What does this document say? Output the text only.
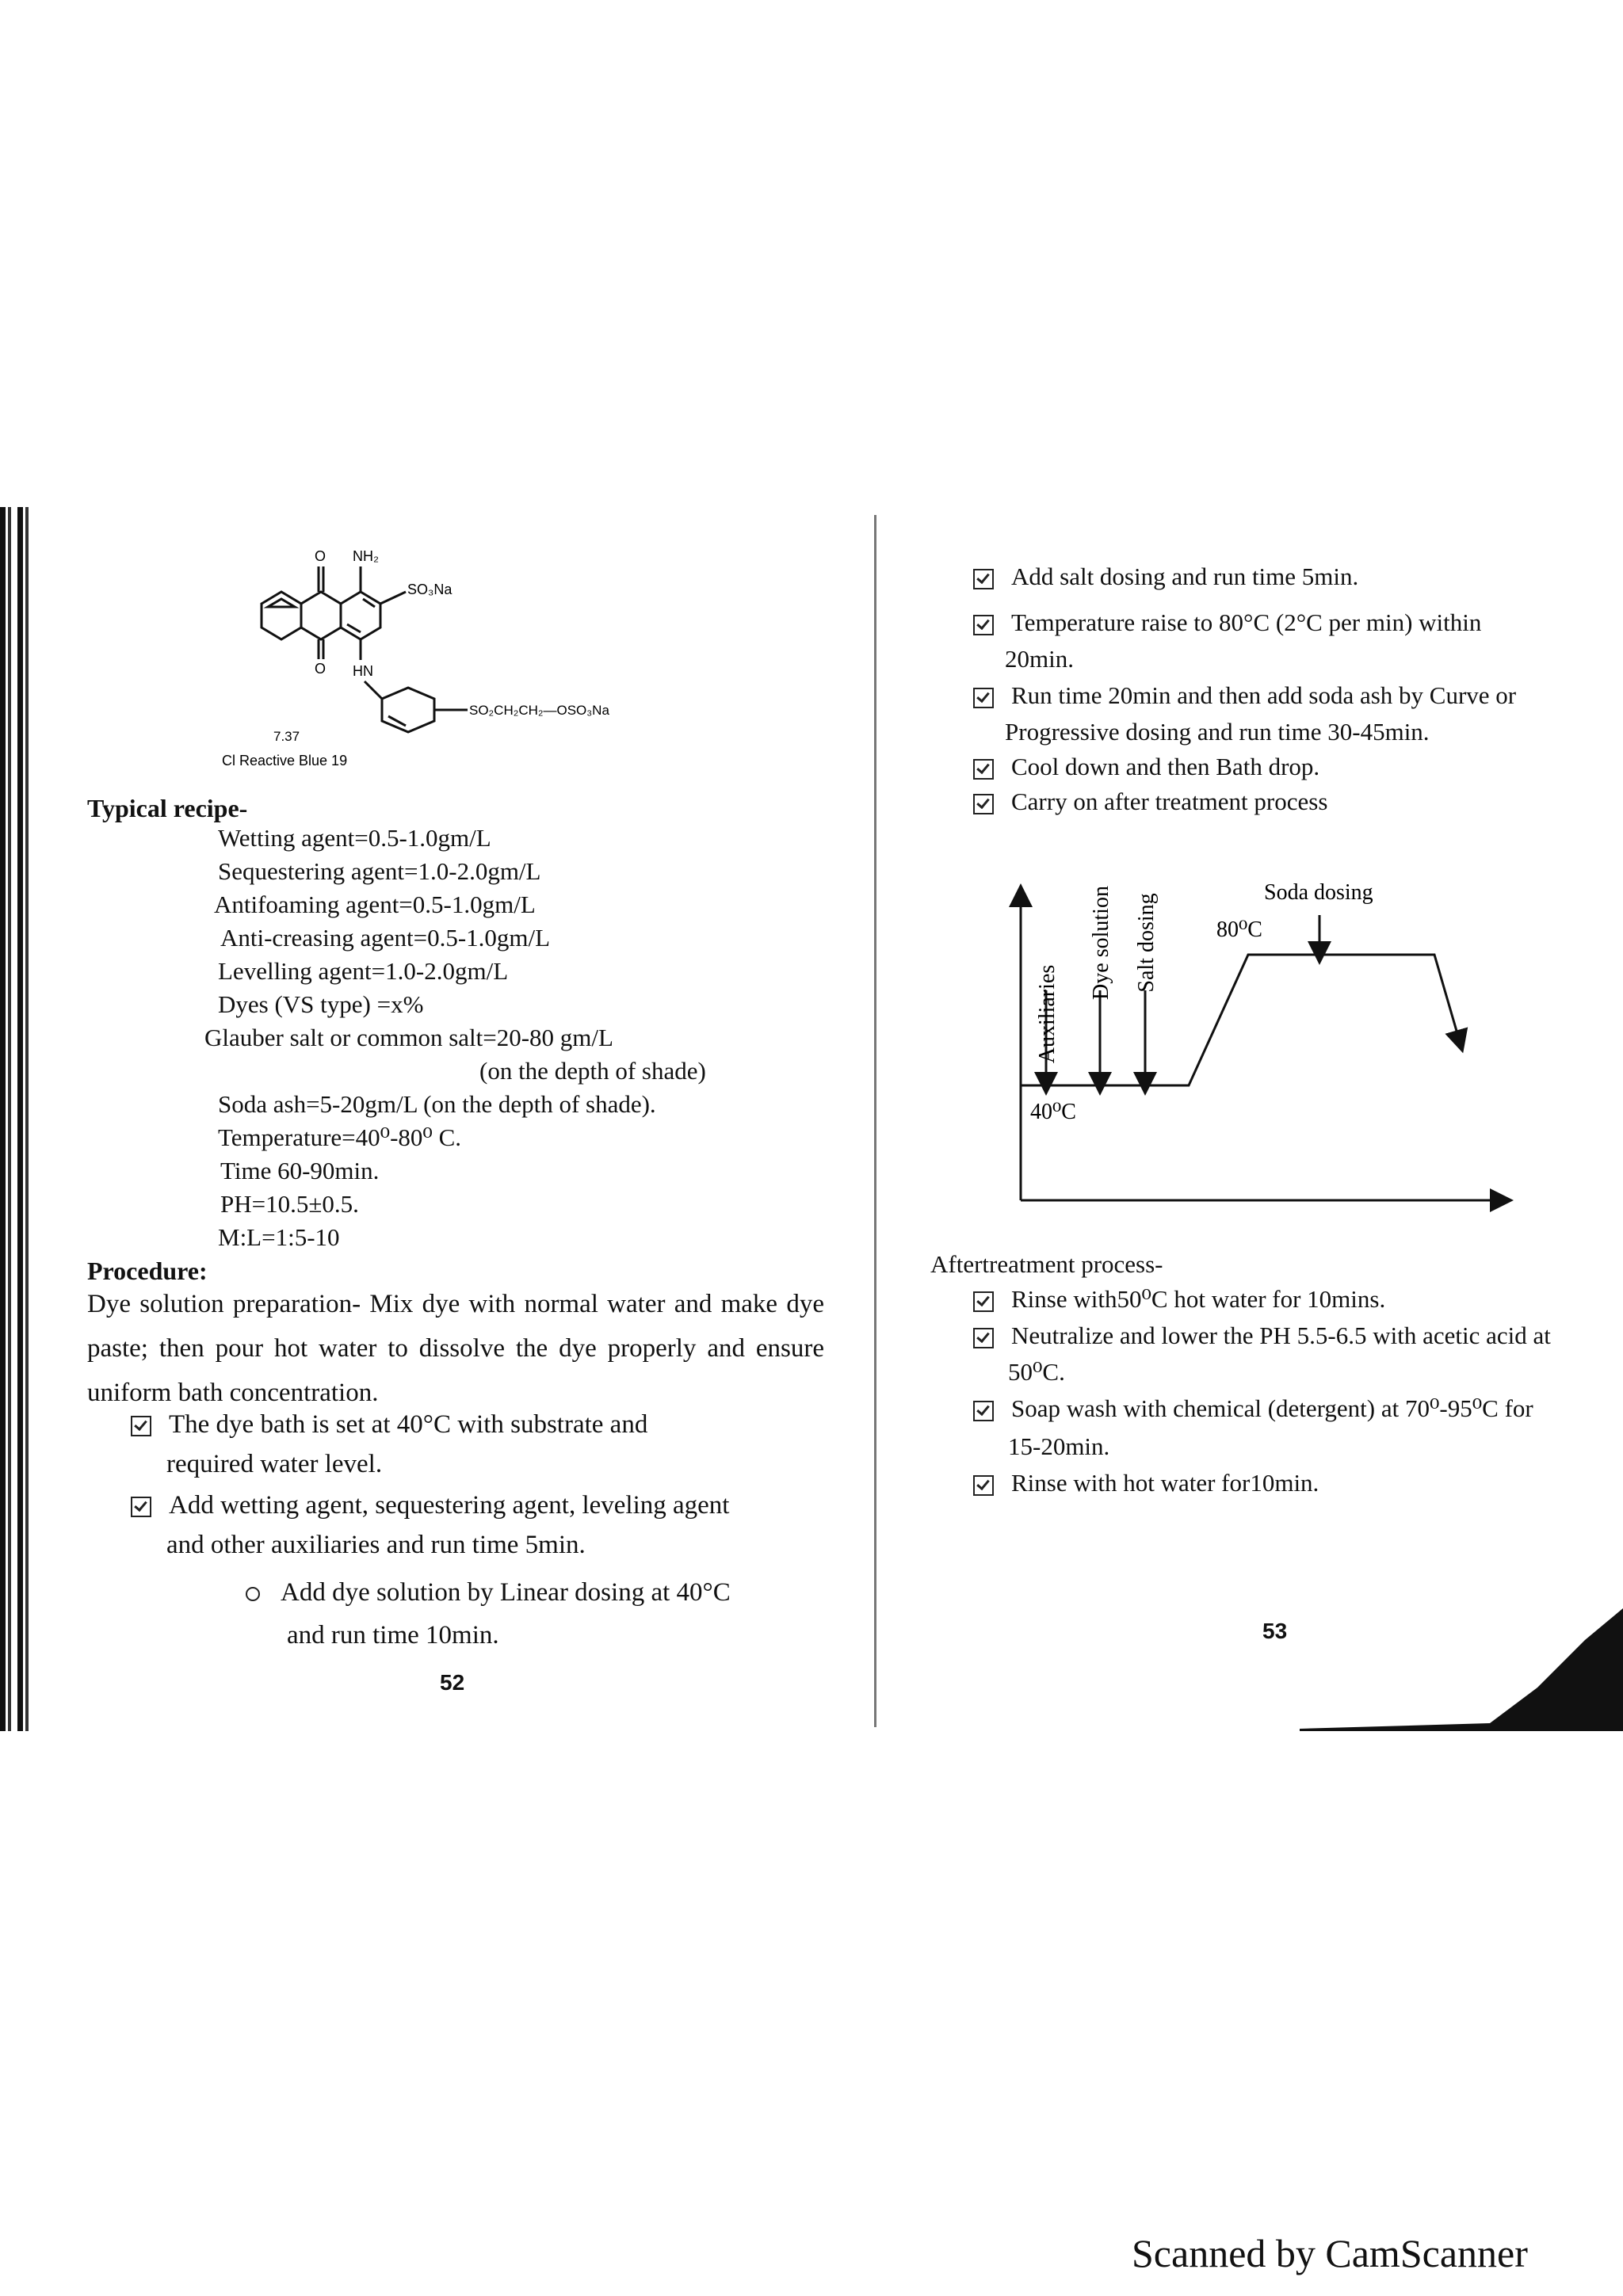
O NH₂
SO₃Na
O HN
SO₂CH₂CH₂—OSO₃Na
7.37
Cl Reactive Blue 19
Typical recipe-
Wetting agent=0.5-1.0gm/L
Sequestering agent=1.0-2.0gm/L
Antifoaming agent=0.5-1.0gm/L
Anti-creasing agent=0.5-1.0gm/L
Levelling agent=1.0-2.0gm/L
Dyes (VS type) =x%
Glauber salt or common salt=20-80 gm/L
(on the depth of shade)
Soda ash=5-20gm/L (on the depth of shade).
Temperature=40⁰-80⁰ C.
Time 60-90min.
PH=10.5±0.5.
M:L=1:5-10
Procedure:
Dye solution preparation- Mix dye with normal water and make dye paste; then pour hot water to dissolve the dye properly and ensure uniform bath concentration.
The dye bath is set at 40°C with substrate and
required water level.
Add wetting agent, sequestering agent, leveling agent
and other auxiliaries and run time 5min.
Add dye solution by Linear dosing at 40°C
and run time 10min.
52
Add salt dosing and run time 5min.
Temperature raise to 80°C (2°C per min) within
20min.
Run time 20min and then add soda ash by Curve or
Progressive dosing and run time 30-45min.
Cool down and then Bath drop.
Carry on after treatment process
Auxiliaries
Dye solution Salt dosing
Soda dosing
80⁰C
40⁰C
Aftertreatment process-
Rinse with50⁰C hot water for 10mins.
Neutralize and lower the PH 5.5-6.5 with acetic acid at
50⁰C.
Soap wash with chemical (detergent) at 70⁰-95⁰C for
15-20min.
Rinse with hot water for10min.
53
Scanned by CamScanner
